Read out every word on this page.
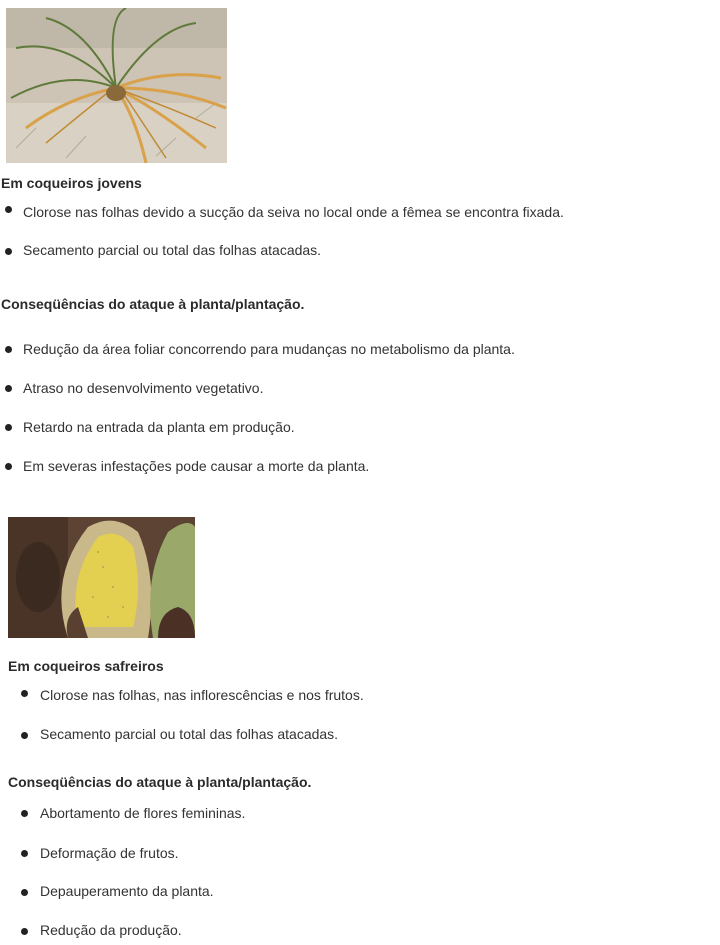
Em coqueiros jovens
Clorose nas folhas devido a sucção da seiva no local onde a fêmea se encontra fixada.
Secamento parcial ou total das folhas atacadas.
Conseqüências do ataque à planta/plantação.
Redução da área foliar concorrendo para mudanças no metabolismo da planta.
Atraso no desenvolvimento vegetativo.
Retardo na entrada da planta em produção.
Em severas infestações pode causar a morte da planta.
Em coqueiros safreiros
Clorose nas folhas, nas inflorescências e nos frutos.
Secamento parcial ou total das folhas atacadas.
Conseqüências do ataque à planta/plantação.
Abortamento de flores femininas.
Deformação de frutos.
Depauperamento da planta.
Redução da produção.
